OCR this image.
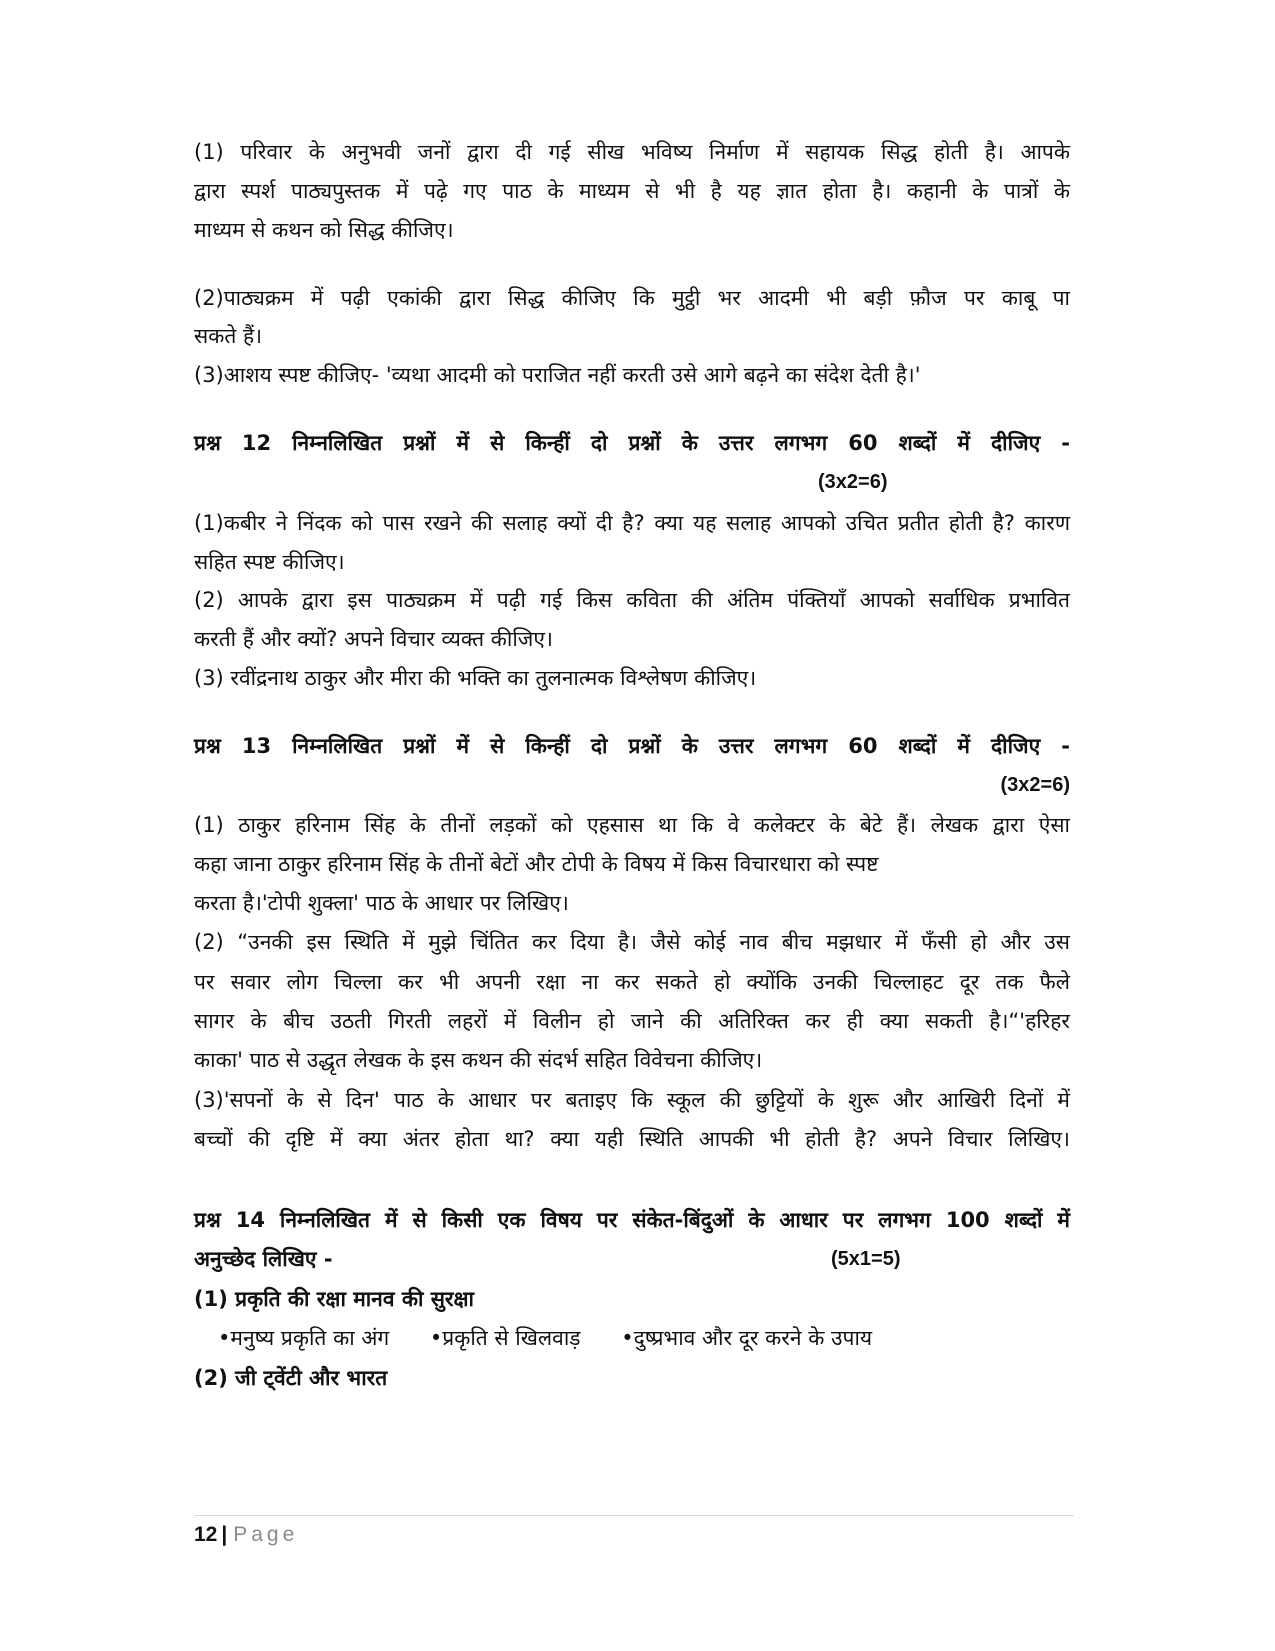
(1) परिवार के अनुभवी जनों द्वारा दी गई सीख भविष्य निर्माण में सहायक सिद्ध होती है। आपके
द्वारा स्पर्श पाठ्यपुस्तक में पढ़े गए पाठ के माध्यम से भी है यह ज्ञात होता है। कहानी के पात्रों के
माध्यम से कथन को सिद्ध कीजिए।
(2)पाठ्यक्रम में पढ़ी एकांकी द्वारा सिद्ध कीजिए कि मुट्ठी भर आदमी भी बड़ी फ़ौज पर काबू पा
सकते हैं।
(3)आशय स्पष्ट कीजिए- 'व्यथा आदमी को पराजित नहीं करती उसे आगे बढ़ने का संदेश देती है।'
प्रश्न 12 निम्नलिखित प्रश्नों में से किन्हीं दो प्रश्नों के उत्तर लगभग 60 शब्दों में दीजिए -
(3x2=6)
(1)कबीर ने निंदक को पास रखने की सलाह क्यों दी है? क्या यह सलाह आपको उचित प्रतीत होती है? कारण
सहित स्पष्ट कीजिए।
(2) आपके द्वारा इस पाठ्यक्रम में पढ़ी गई किस कविता की अंतिम पंक्तियाँ आपको सर्वाधिक प्रभावित
करती हैं और क्यों? अपने विचार व्यक्त कीजिए।
(3) रवींद्रनाथ ठाकुर और मीरा की भक्ति का तुलनात्मक विश्लेषण कीजिए।
प्रश्न 13 निम्नलिखित प्रश्नों में से किन्हीं दो प्रश्नों के उत्तर लगभग 60 शब्दों में दीजिए -
(3x2=6)
(1) ठाकुर हरिनाम सिंह के तीनों लड़कों को एहसास था कि वे कलेक्टर के बेटे हैं। लेखक द्वारा ऐसा
कहा जाना ठाकुर हरिनाम सिंह के तीनों बेटों और टोपी के विषय में किस विचारधारा को स्पष्ट
करता है।'टोपी शुक्ला' पाठ के आधार पर लिखिए।
(2) “उनकी इस स्थिति में मुझे चिंतित कर दिया है। जैसे कोई नाव बीच मझधार में फँसी हो और उस
पर सवार लोग चिल्ला कर भी अपनी रक्षा ना कर सकते हो क्योंकि उनकी चिल्लाहट दूर तक फैले
सागर के बीच उठती गिरती लहरों में विलीन हो जाने की अतिरिक्त कर ही क्या सकती है।“'हरिहर
काका' पाठ से उद्धृत लेखक के इस कथन की संदर्भ सहित विवेचना कीजिए।
(3)'सपनों के से दिन' पाठ के आधार पर बताइए कि स्कूल की छुट्टियों के शुरू और आखिरी दिनों में
बच्चों की दृष्टि में क्या अंतर होता था? क्या यही स्थिति आपकी भी होती है? अपने विचार लिखिए।
प्रश्न 14 निम्नलिखित में से किसी एक विषय पर संकेत-बिंदुओं के आधार पर लगभग 100 शब्दों में
अनुच्छेद लिखिए -	(5x1=5)
(1) प्रकृति की रक्षा मानव की सुरक्षा
•मनुष्य प्रकृति का अंग •प्रकृति से खिलवाड़ •दुष्प्रभाव और दूर करने के उपाय
(2) जी ट्वेंटी और भारत
12 | Page
